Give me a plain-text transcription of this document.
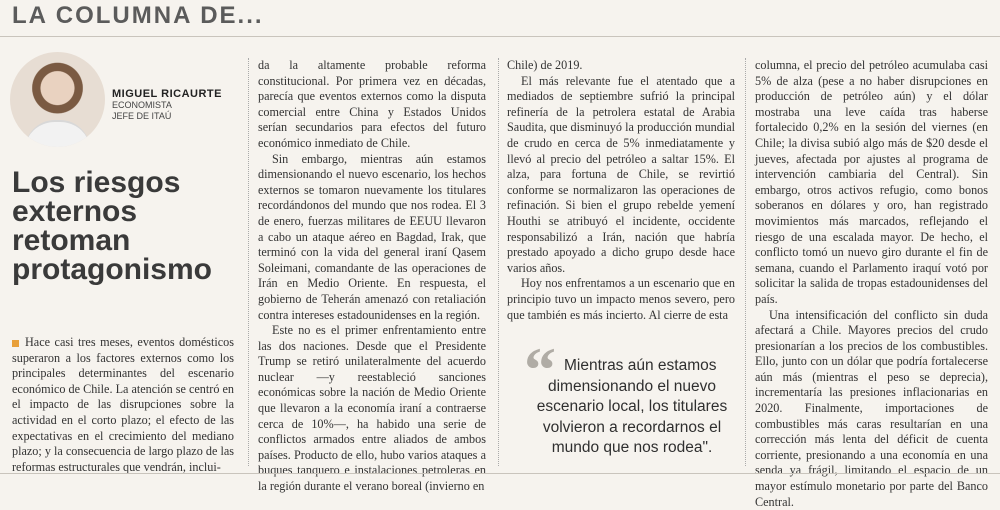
LA COLUMNA DE...
MIGUEL RICAURTE
ECONOMISTA
JEFE DE ITAÚ
Los riesgos externos retoman protagonismo

Hace casi tres meses, eventos domésticos superaron a los factores externos como los principales determinantes del escenario económico de Chile. La atención se centró en el impacto de las disrupciones sobre la actividad en el corto plazo; el efecto de las expectativas en el crecimiento del mediano plazo; y la consecuencia de largo plazo de las reformas estructurales que vendrán, inclui-

da la altamente probable reforma constitucional. Por primera vez en décadas, parecía que eventos externos como la disputa comercial entre China y Estados Unidos serían secundarios para efectos del futuro económico inmediato de Chile.

Sin embargo, mientras aún estamos dimensionando el nuevo escenario, los hechos externos se tomaron nuevamente los titulares recordándonos del mundo que nos rodea. El 3 de enero, fuerzas militares de EEUU llevaron a cabo un ataque aéreo en Bagdad, Irak, que terminó con la vida del general iraní Qasem Soleimani, comandante de las operaciones de Irán en Medio Oriente. En respuesta, el gobierno de Teherán amenazó con retaliación contra intereses estadounidenses en la región.

Este no es el primer enfrentamiento entre las dos naciones. Desde que el Presidente Trump se retiró unilateralmente del acuerdo nuclear —y reestableció sanciones económicas sobre la nación de Medio Oriente que llevaron a la economía iraní a contraerse cerca de 10%—, ha habido una serie de conflictos armados entre aliados de ambos países. Producto de ello, hubo varios ataques a buques tanquero e instalaciones petroleras en la región durante el verano boreal (invierno en

Chile) de 2019.

El más relevante fue el atentado que a mediados de septiembre sufrió la principal refinería de la petrolera estatal de Arabia Saudita, que disminuyó la producción mundial de crudo en cerca de 5% inmediatamente y llevó al precio del petróleo a saltar 15%. El alza, para fortuna de Chile, se revirtió conforme se normalizaron las operaciones de refinación. Si bien el grupo rebelde yemení Houthi se atribuyó el incidente, occidente responsabilizó a Irán, nación que habría prestado apoyado a dicho grupo desde hace varios años.

Hoy nos enfrentamos a un escenario que en principio tuvo un impacto menos severo, pero que también es más incierto. Al cierre de esta

“ Mientras aún estamos
dimensionando el nuevo escenario local, los titulares volvieron a recordarnos el mundo que nos rodea".

columna, el precio del petróleo acumulaba casi 5% de alza (pese a no haber disrupciones en producción de petróleo aún) y el dólar mostraba una leve caída tras haberse fortalecido 0,2% en la sesión del viernes (en Chile; la divisa subió algo más de $20 desde el jueves, afectada por ajustes al programa de intervención cambiaria del Central). Sin embargo, otros activos refugio, como bonos soberanos en dólares y oro, han registrado movimientos más marcados, reflejando el riesgo de una escalada mayor. De hecho, el conflicto tomó un nuevo giro durante el fin de semana, cuando el Parlamento iraquí votó por solicitar la salida de tropas estadounidenses del país.

Una intensificación del conflicto sin duda afectará a Chile. Mayores precios del crudo presionarían a los precios de los combustibles. Ello, junto con un dólar que podría fortalecerse aún más (mientras el peso se deprecia), incrementaría las presiones inflacionarias en 2020. Finalmente, importaciones de combustibles más caras resultarían en una corrección más lenta del déficit de cuenta corriente, presionando a una economía en una senda ya frágil, limitando el espacio de un mayor estímulo monetario por parte del Banco Central.
